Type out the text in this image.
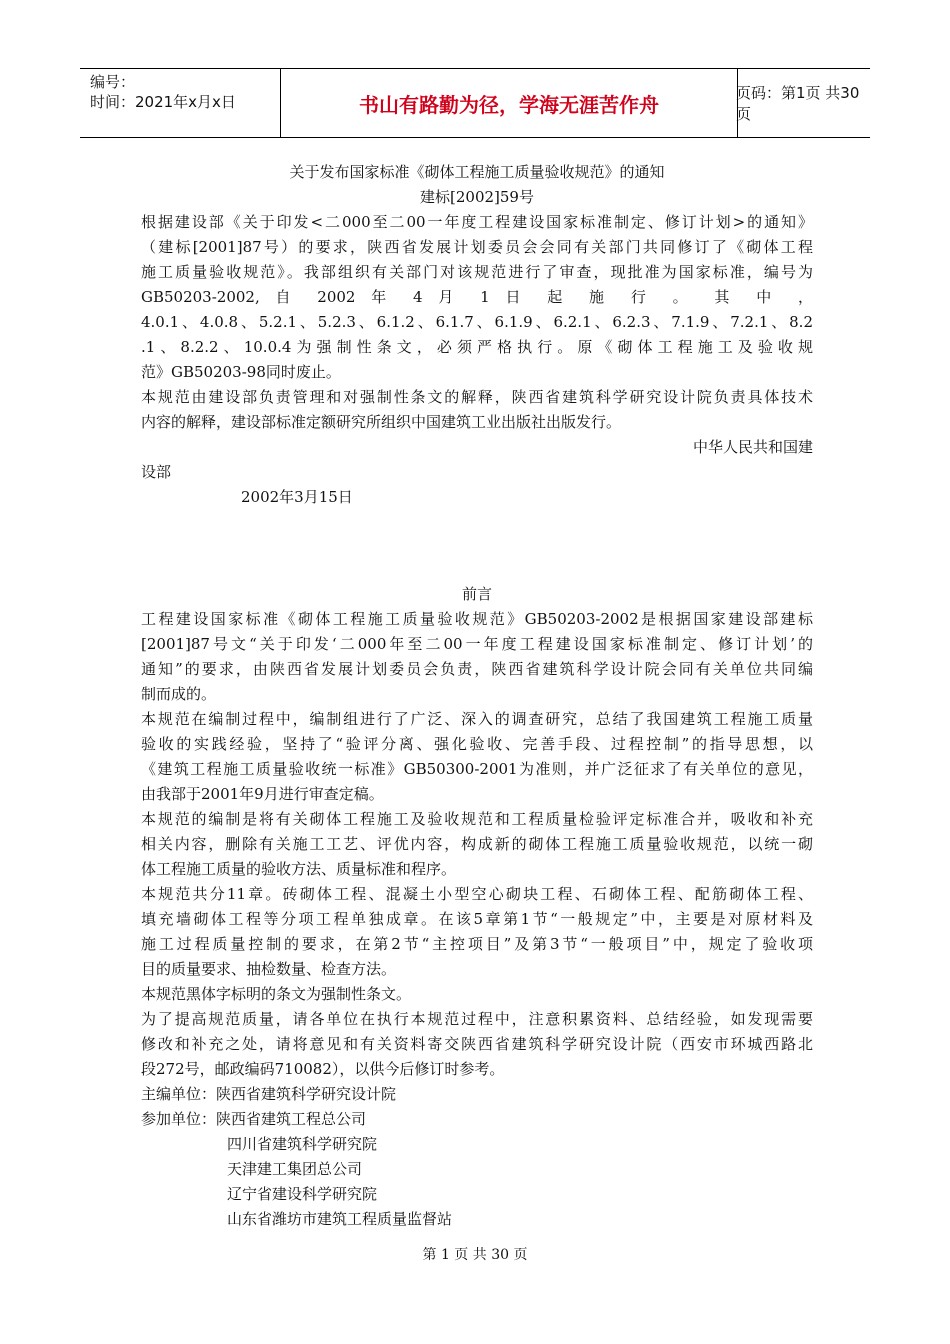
编号：
时间：2021年x月x日	书山有路勤为径，学海无涯苦作舟	页码：第1页 共30页

关于发布国家标准《砌体工程施工质量验收规范》的通知

建标[2002]59号

根据建设部《关于印发<二000至二00一年度工程建设国家标准制定、修订计划>的通知》

（建标[2001]87号）的要求，陕西省发展计划委员会会同有关部门共同修订了《砌体工程

施工质量验收规范》。我部组织有关部门对该规范进行了审查，现批准为国家标准，编号为

GB50203-2002, 自 2002 年 4 月 1 日 起 施 行 。 其 中 ，

4.0.1、4.0.8、5.2.1、5.2.3、6.1.2、6.1.7、6.1.9、6.2.1、6.2.3、7.1.9、7.2.1、8.2

.1、8.2.2、10.0.4为强制性条文，必须严格执行。原《砌体工程施工及验收规

范》GB50203-98同时废止。

本规范由建设部负责管理和对强制性条文的解释，陕西省建筑科学研究设计院负责具体技术

内容的解释，建设部标准定额研究所组织中国建筑工业出版社出版发行。

中华人民共和国建

设部

2002年3月15日

前言

工程建设国家标准《砌体工程施工质量验收规范》GB50203-2002是根据国家建设部建标

[2001]87号文“关于印发‘二000年至二00一年度工程建设国家标准制定、修订计划’的

通知”的要求，由陕西省发展计划委员会负责，陕西省建筑科学设计院会同有关单位共同编

制而成的。

本规范在编制过程中，编制组进行了广泛、深入的调查研究，总结了我国建筑工程施工质量

验收的实践经验，坚持了“验评分离、强化验收、完善手段、过程控制”的指导思想，以

《建筑工程施工质量验收统一标准》GB50300-2001为准则，并广泛征求了有关单位的意见，

由我部于2001年9月进行审查定稿。

本规范的编制是将有关砌体工程施工及验收规范和工程质量检验评定标准合并，吸收和补充

相关内容，删除有关施工工艺、评优内容，构成新的砌体工程施工质量验收规范，以统一砌

体工程施工质量的验收方法、质量标准和程序。

本规范共分11章。砖砌体工程、混凝土小型空心砌块工程、石砌体工程、配筋砌体工程、

填充墙砌体工程等分项工程单独成章。在该5章第1节“一般规定”中，主要是对原材料及

施工过程质量控制的要求，在第2节“主控项目”及第3节“一般项目”中，规定了验收项

目的质量要求、抽检数量、检查方法。

本规范黑体字标明的条文为强制性条文。

为了提高规范质量，请各单位在执行本规范过程中，注意积累资料、总结经验，如发现需要

修改和补充之处，请将意见和有关资料寄交陕西省建筑科学研究设计院（西安市环城西路北

段272号，邮政编码710082），以供今后修订时参考。

主编单位：陕西省建筑科学研究设计院

参加单位：陕西省建筑工程总公司

四川省建筑科学研究院

天津建工集团总公司

辽宁省建设科学研究院

山东省潍坊市建筑工程质量监督站

第 1 页 共 30 页
